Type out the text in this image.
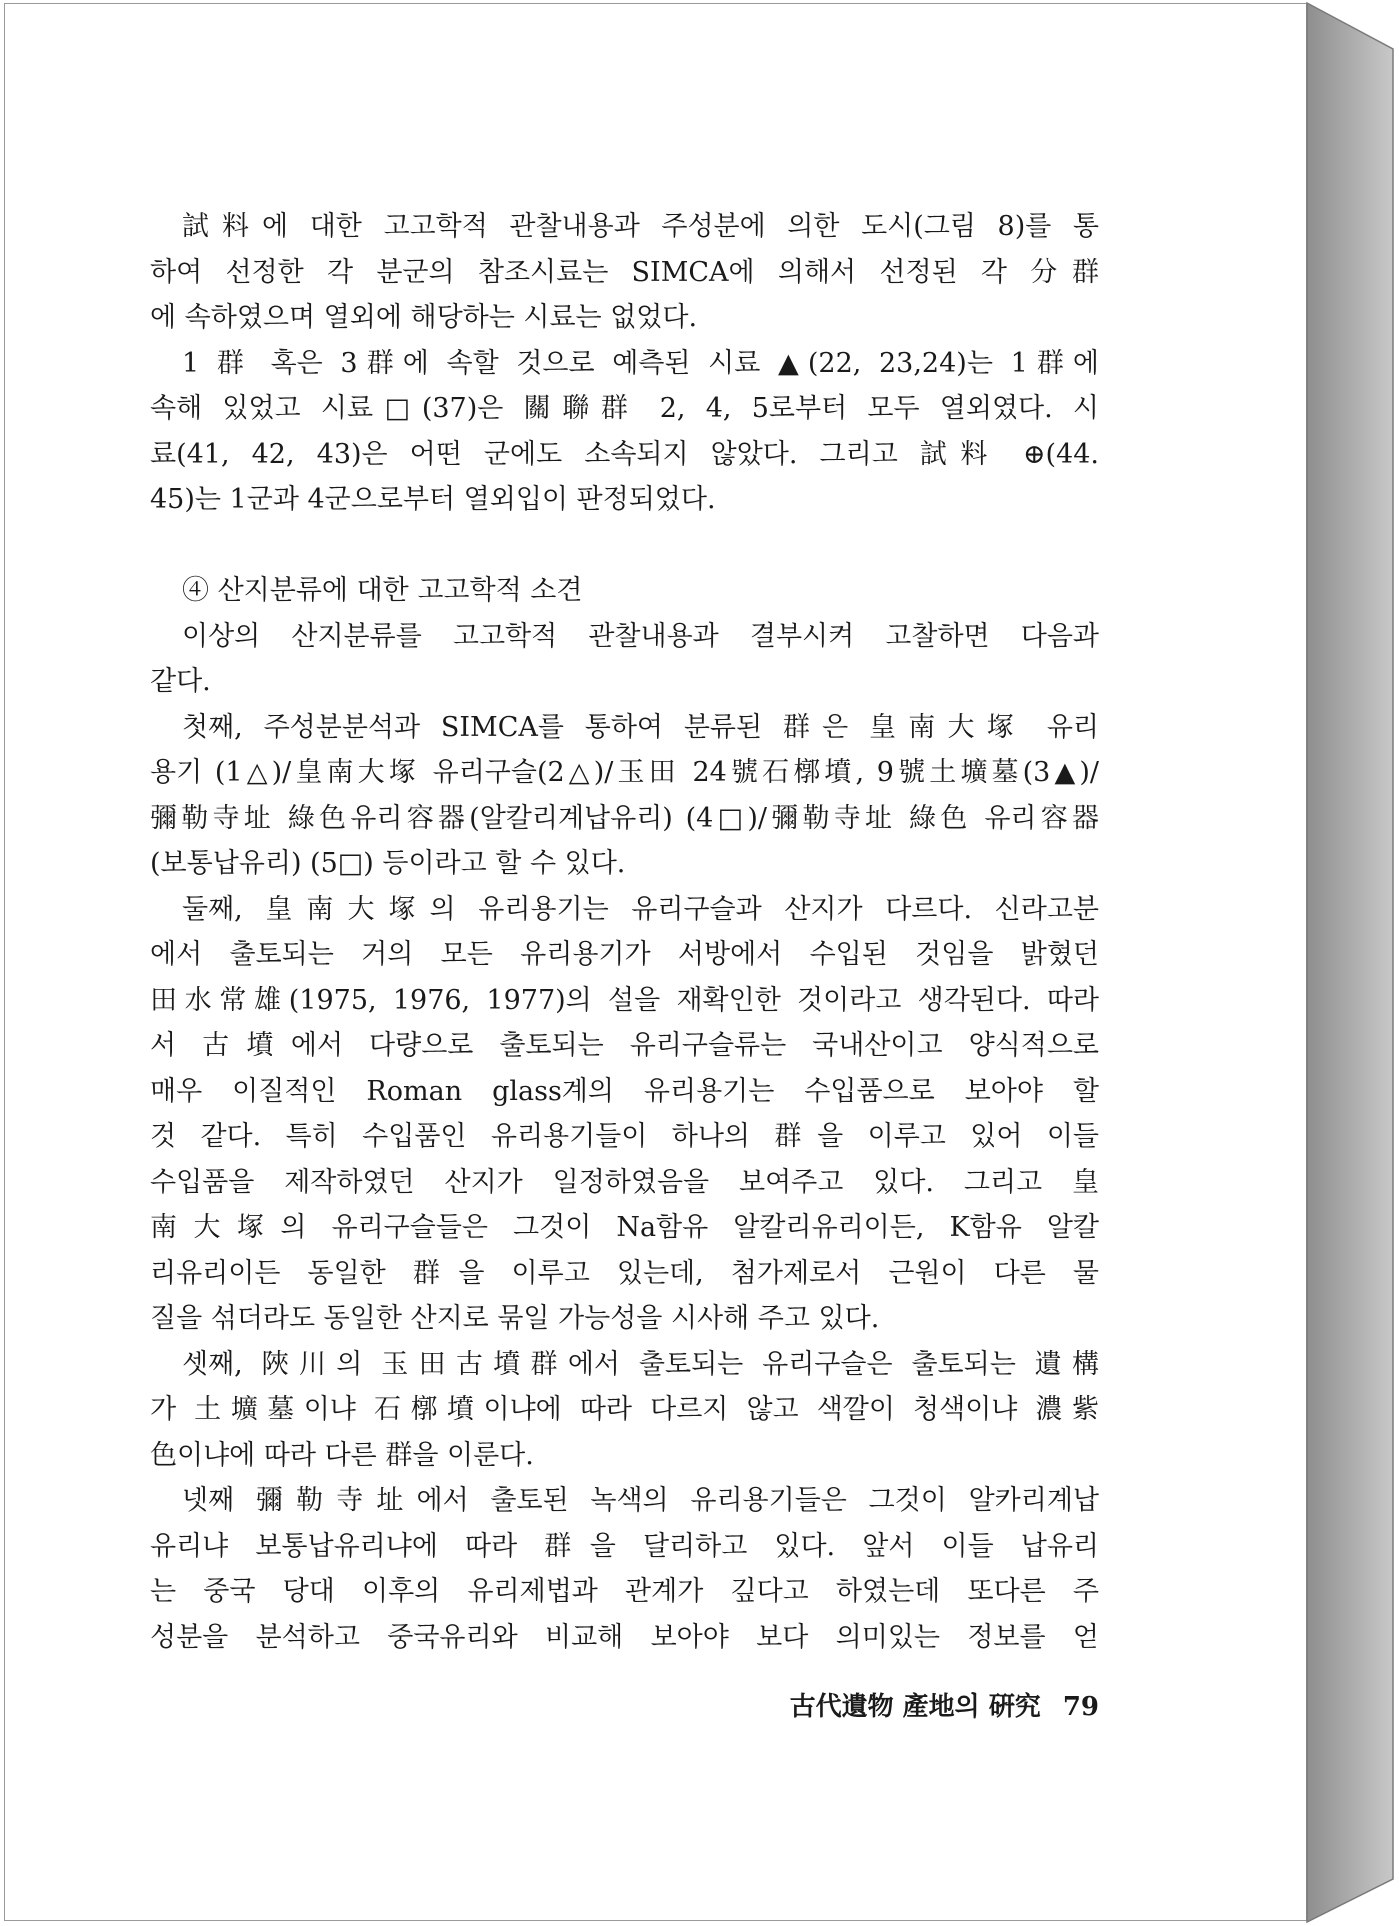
試料에 대한 고고학적 관찰내용과 주성분에 의한 도시(그림 8)를 통
하여 선정한 각 분군의 참조시료는 SIMCA에 의해서 선정된 각 分群
에 속하였으며 열외에 해당하는 시료는 없었다.
1 群 혹은 3群에 속할 것으로 예측된 시료 ▲(22, 23,24)는 1群에
속해 있었고 시료□(37)은 關聯群 2, 4, 5로부터 모두 열외였다. 시
료(41, 42, 43)은 어떤 군에도 소속되지 않았다. 그리고 試料 ⊕(44.
45)는 1군과 4군으로부터 열외입이 판정되었다.
④ 산지분류에 대한 고고학적 소견
이상의 산지분류를 고고학적 관찰내용과 결부시켜 고찰하면 다음과
같다.
첫째, 주성분분석과 SIMCA를 통하여 분류된 群은 皇南大塚 유리
용기 (1△)/皇南大塚 유리구슬(2△)/玉田 24號石槨墳, 9號土壙墓(3▲)/
彌勒寺址 綠色유리容器(알칼리계납유리) (4□)/彌勒寺址 綠色 유리容器
(보통납유리) (5□) 등이라고 할 수 있다.
둘째, 皇南大塚의 유리용기는 유리구슬과 산지가 다르다. 신라고분
에서 출토되는 거의 모든 유리용기가 서방에서 수입된 것임을 밝혔던
田水常雄(1975, 1976, 1977)의 설을 재확인한 것이라고 생각된다. 따라
서 古墳에서 다량으로 출토되는 유리구슬류는 국내산이고 양식적으로
매우 이질적인 Roman glass계의 유리용기는 수입품으로 보아야 할
것 같다. 특히 수입품인 유리용기들이 하나의 群을 이루고 있어 이들
수입품을 제작하였던 산지가 일정하였음을 보여주고 있다. 그리고 皇
南大塚의 유리구슬들은 그것이 Na함유 알칼리유리이든, K함유 알칼
리유리이든 동일한 群을 이루고 있는데, 첨가제로서 근원이 다른 물
질을 섞더라도 동일한 산지로 묶일 가능성을 시사해 주고 있다.
셋째, 陜川의 玉田古墳群에서 출토되는 유리구슬은 출토되는 遺構
가 土壙墓이냐 石槨墳이냐에 따라 다르지 않고 색깔이 청색이냐 濃紫
色이냐에 따라 다른 群을 이룬다.
넷째 彌勒寺址에서 출토된 녹색의 유리용기들은 그것이 알카리계납
유리냐 보통납유리냐에 따라 群을 달리하고 있다. 앞서 이들 납유리
는 중국 당대 이후의 유리제법과 관계가 깊다고 하였는데 또다른 주
성분을 분석하고 중국유리와 비교해 보아야 보다 의미있는 정보를 얻
古代遺物 產地의 硏究 79
